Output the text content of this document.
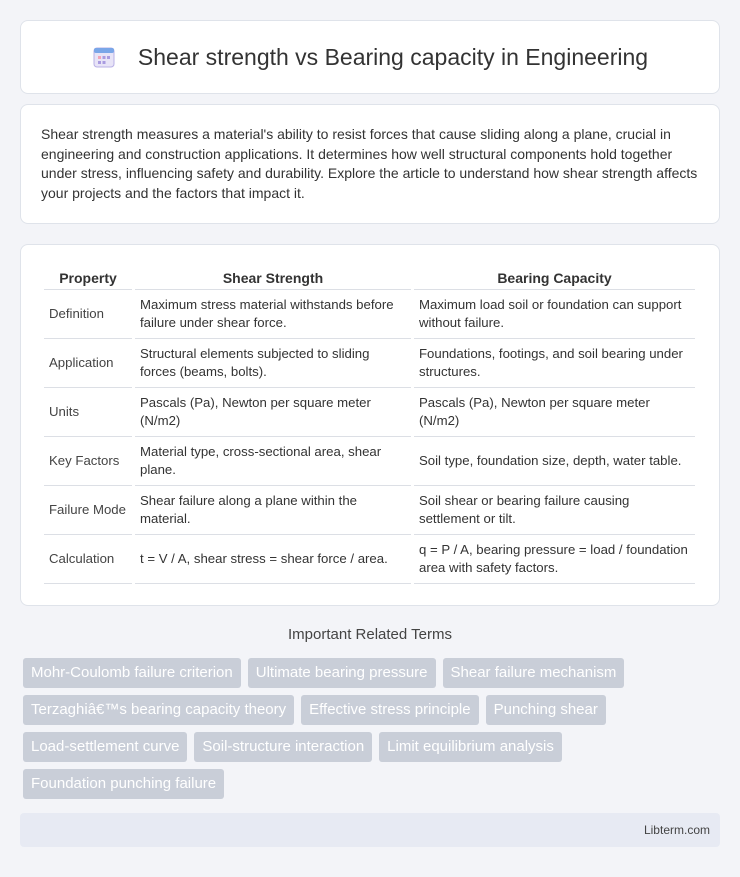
Shear strength vs Bearing capacity in Engineering

Shear strength measures a material's ability to resist forces that cause sliding along a plane, crucial in engineering and construction applications. It determines how well structural components hold together under stress, influencing safety and durability. Explore the article to understand how shear strength affects your projects and the factors that impact it.

Property	Shear Strength	Bearing Capacity
Definition	Maximum stress material withstands before failure under shear force.	Maximum load soil or foundation can support without failure.
Application	Structural elements subjected to sliding forces (beams, bolts).	Foundations, footings, and soil bearing under structures.
Units	Pascals (Pa), Newton per square meter (N/m2)	Pascals (Pa), Newton per square meter (N/m2)
Key Factors	Material type, cross-sectional area, shear plane.	Soil type, foundation size, depth, water table.
Failure Mode	Shear failure along a plane within the material.	Soil shear or bearing failure causing settlement or tilt.
Calculation	t = V / A, shear stress = shear force / area.	q = P / A, bearing pressure = load / foundation area with safety factors.
Important Related Terms
Mohr-Coulomb failure criterion	Ultimate bearing pressure	Shear failure mechanism
Terzaghiâ€™s bearing capacity theory	Effective stress principle	Punching shear
Load-settlement curve	Soil-structure interaction	Limit equilibrium analysis
Foundation punching failure
Libterm.com
